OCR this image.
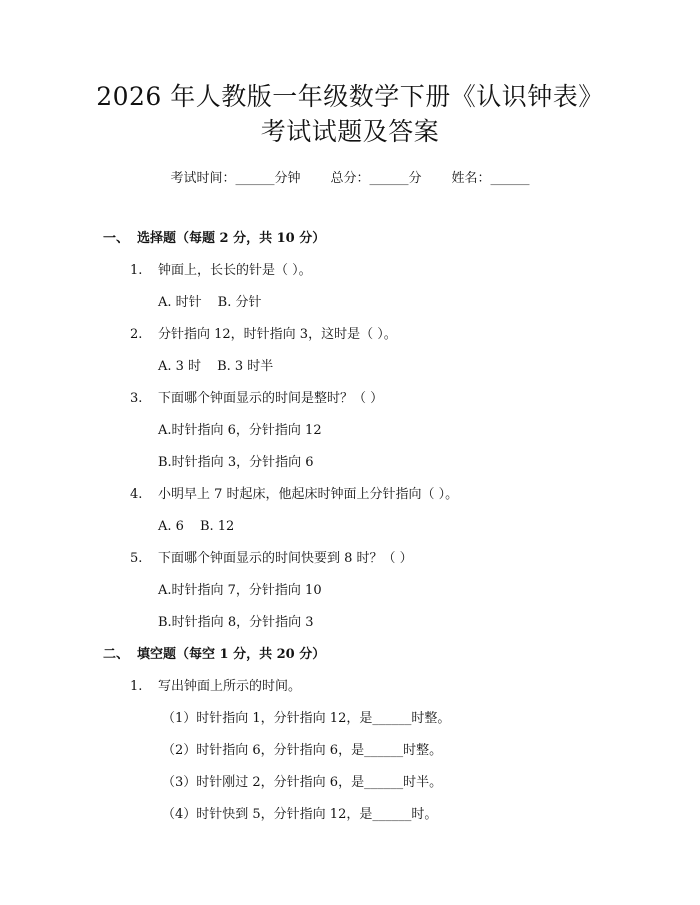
2026 年人教版一年级数学下册《认识钟表》
考试试题及答案
考试时间：______分钟 总分：______分 姓名：______
一、 选择题（每题 2 分，共 10 分）
1. 钟面上，长长的针是（ ）。
A. 时针 B. 分针
2. 分针指向 12，时针指向 3，这时是（ ）。
A. 3 时 B. 3 时半
3. 下面哪个钟面显示的时间是整时？（ ）
A.时针指向 6，分针指向 12
B.时针指向 3，分针指向 6
4. 小明早上 7 时起床，他起床时钟面上分针指向（ ）。
A. 6 B. 12
5. 下面哪个钟面显示的时间快要到 8 时？（ ）
A.时针指向 7，分针指向 10
B.时针指向 8，分针指向 3
二、 填空题（每空 1 分，共 20 分）
1. 写出钟面上所示的时间。
（1）时针指向 1，分针指向 12，是______时整。
（2）时针指向 6，分针指向 6，是______时整。
（3）时针刚过 2，分针指向 6，是______时半。
（4）时针快到 5，分针指向 12，是______时。
